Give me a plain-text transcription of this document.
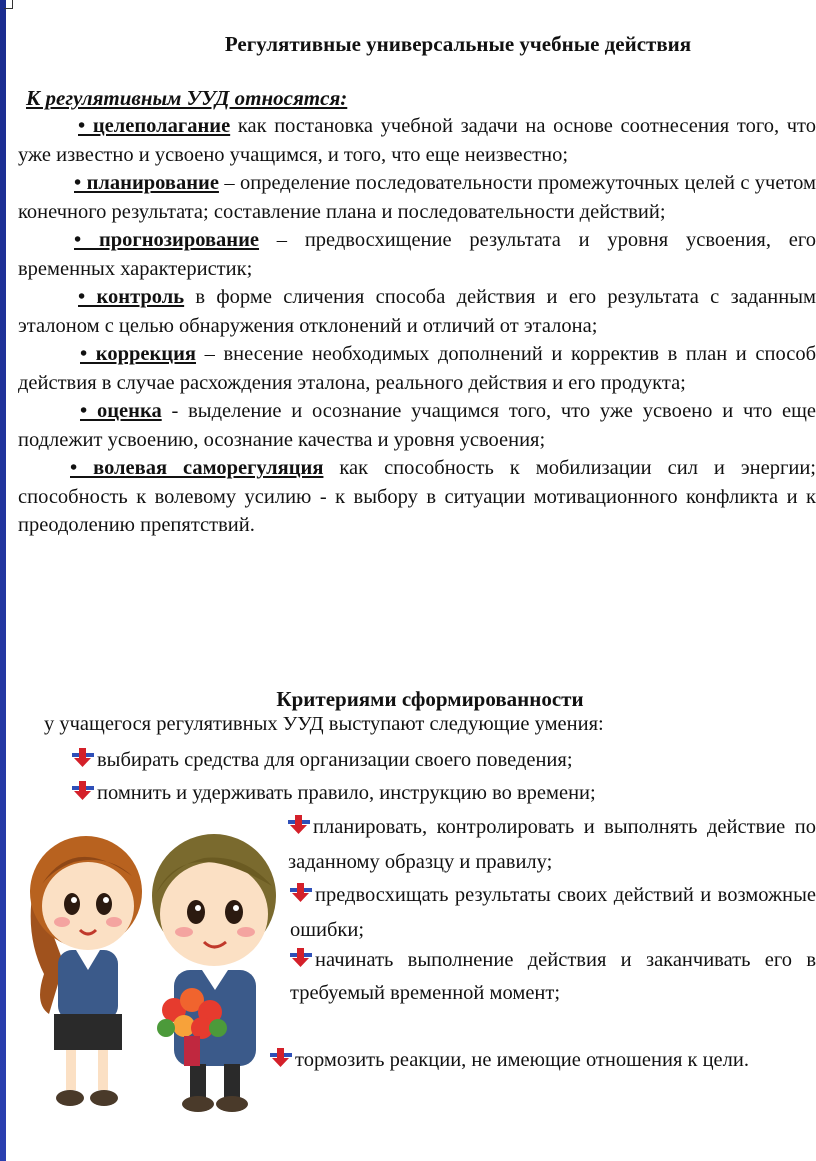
Регулятивные универсальные учебные действия
К регулятивным УУД относятся:

• целеполагание как постановка учебной задачи на основе соотнесения того, что уже известно и усвоено учащимся, и того, что еще неизвестно;

• планирование – определение последовательности промежуточных целей с учетом конечного результата; составление плана и последовательности действий;

• прогнозирование – предвосхищение результата и уровня усвоения, его временных характеристик;

• контроль в форме сличения способа действия и его результата с заданным эталоном с целью обнаружения отклонений и отличий от эталона;

• коррекция – внесение необходимых дополнений и корректив в план и способ действия в случае расхождения эталона, реального действия и его продукта;

• оценка - выделение и осознание учащимся того, что уже усвоено и что еще подлежит усвоению, осознание качества и уровня усвоения;

• волевая саморегуляция как способность к мобилизации сил и энергии; способность к волевому усилию - к выбору в ситуации мотивационного конфликта и к преодолению препятствий.

Критериями сформированности
у учащегося регулятивных УУД выступают следующие умения:
выбирать средства для организации своего поведения;
помнить и удерживать правило, инструкцию во времени;
планировать, контролировать и выполнять действие по заданному образцу и правилу;
предвосхищать результаты своих действий и возможные ошибки;
начинать выполнение действия и заканчивать его в требуемый временной момент;
тормозить реакции, не имеющие отношения к цели.
